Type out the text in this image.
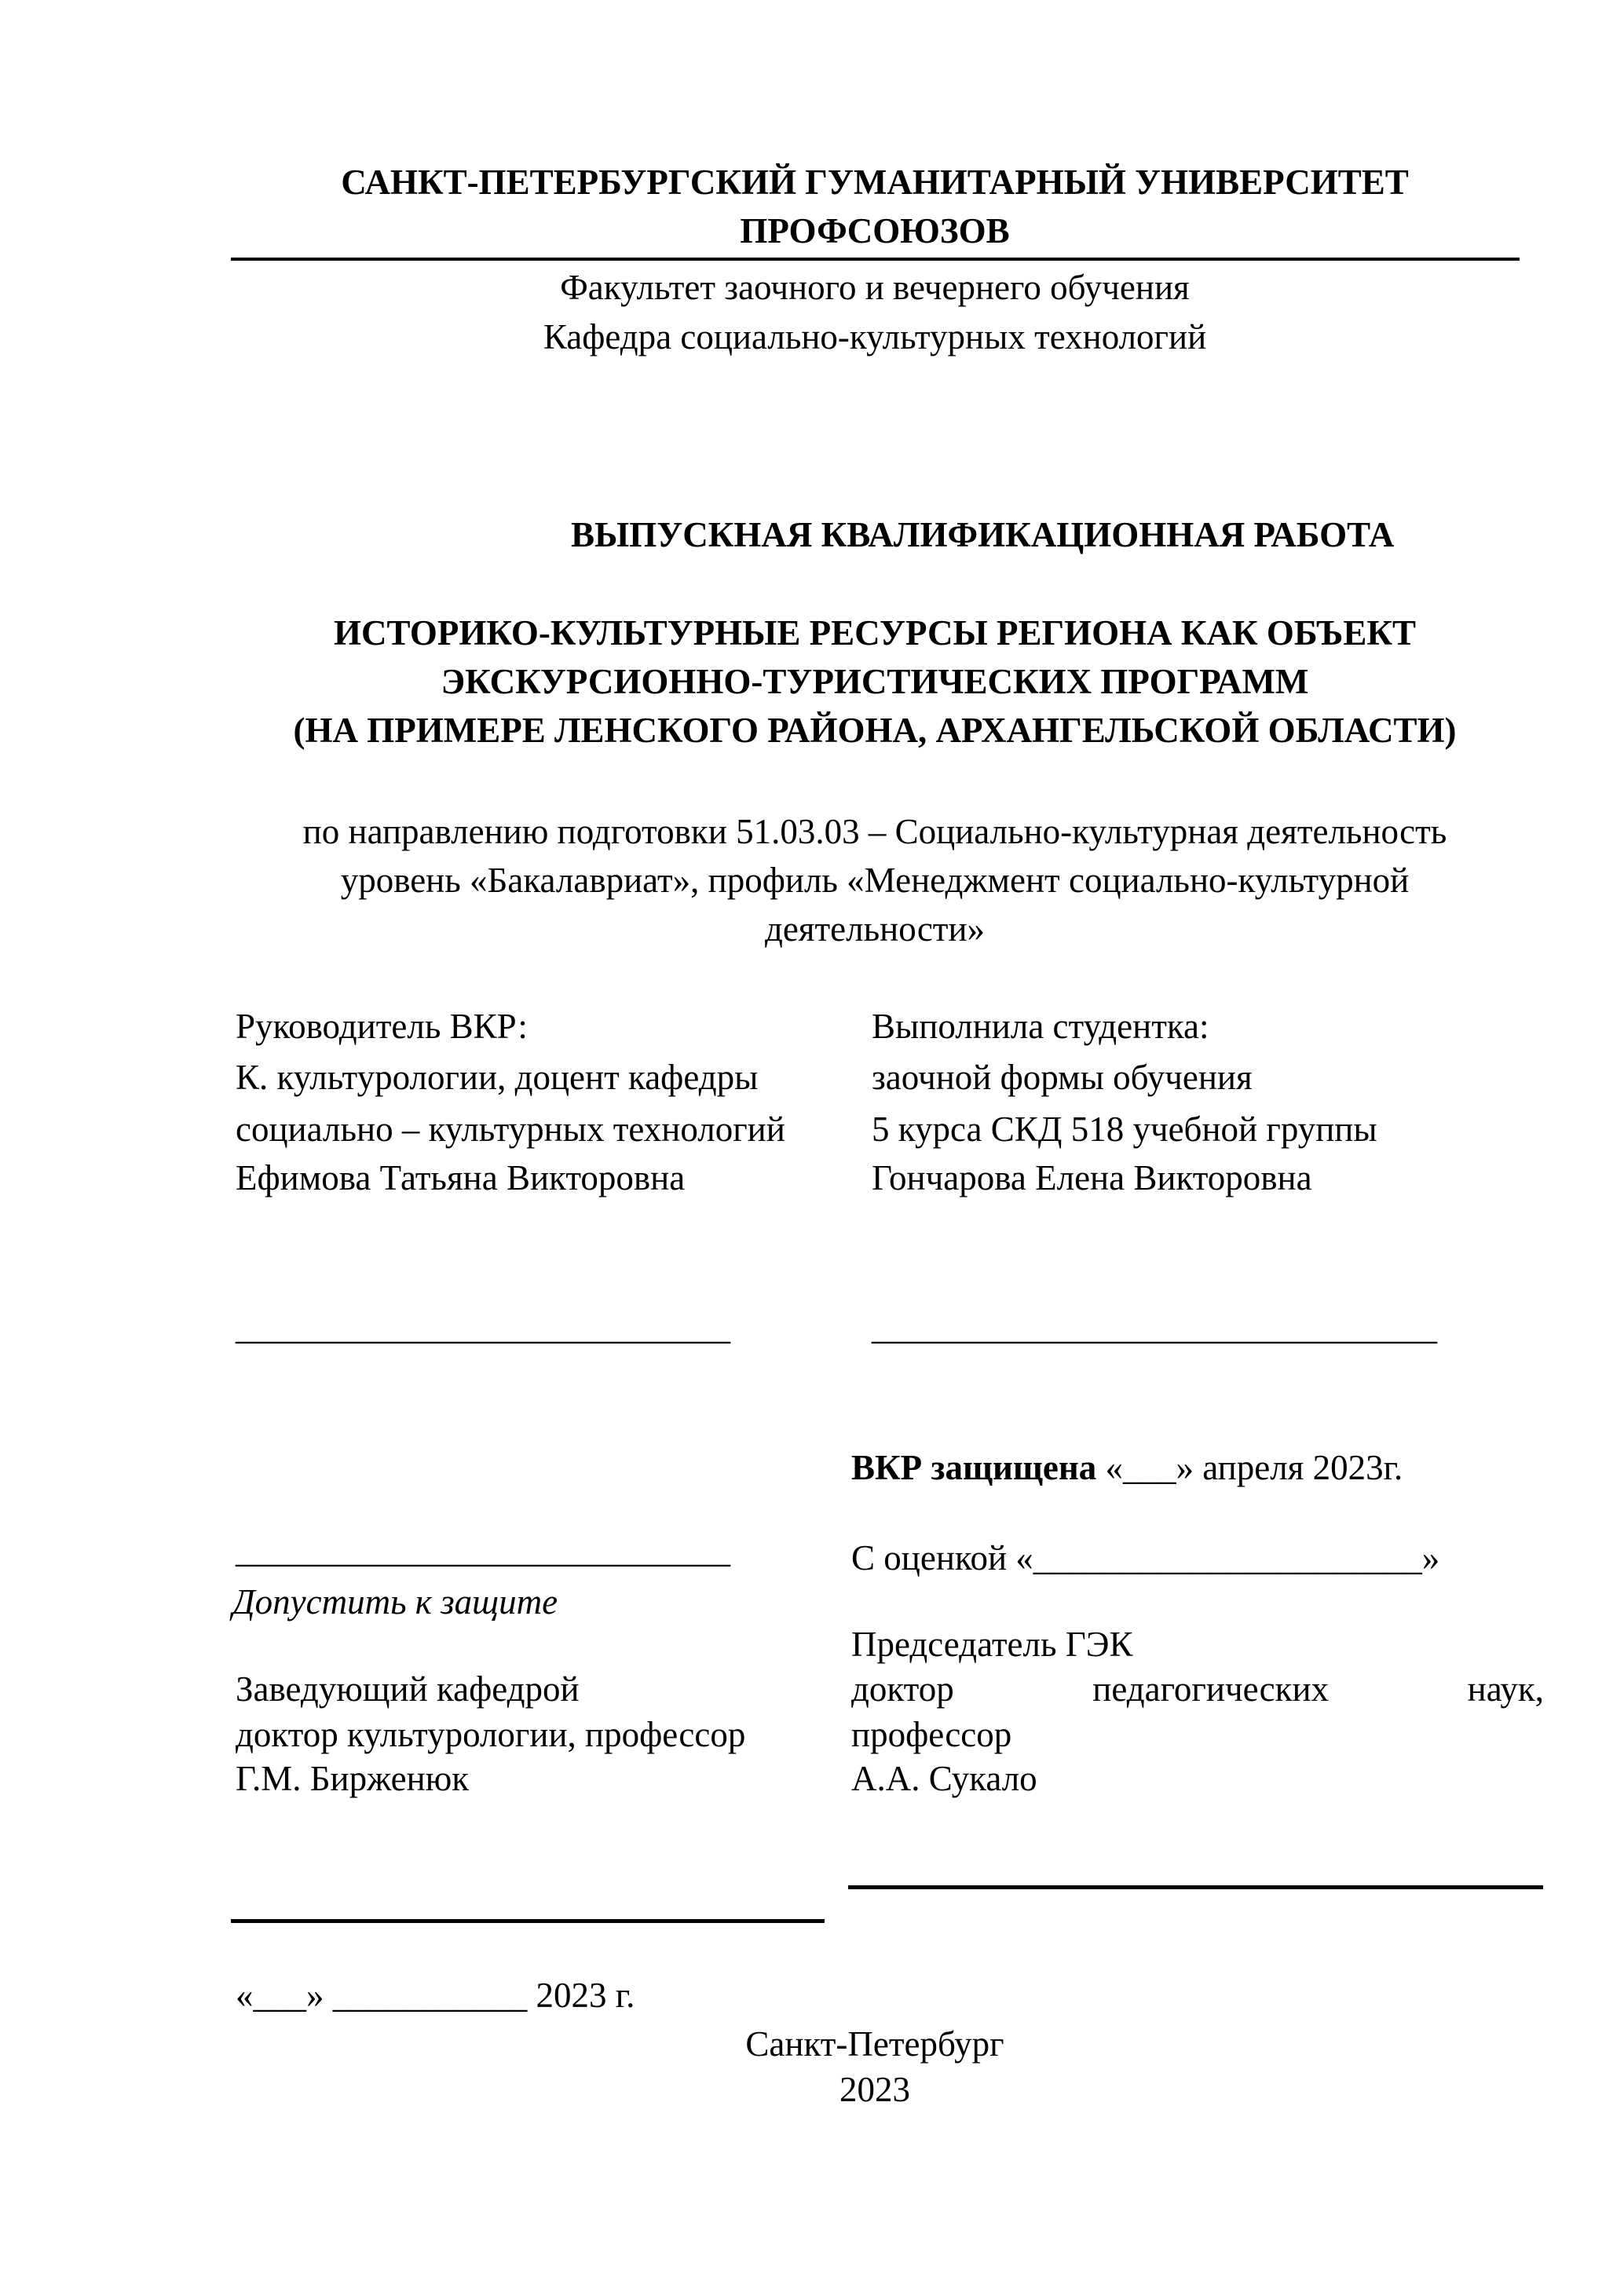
САНКТ-ПЕТЕРБУРГСКИЙ ГУМАНИТАРНЫЙ УНИВЕРСИТЕТ
ПРОФСОЮЗОВ
Факультет заочного и вечернего обучения
Кафедра социально-культурных технологий
ВЫПУСКНАЯ КВАЛИФИКАЦИОННАЯ РАБОТА
ИСТОРИКО-КУЛЬТУРНЫЕ РЕСУРСЫ РЕГИОНА КАК ОБЪЕКТ
ЭКСКУРСИОННО-ТУРИСТИЧЕСКИХ ПРОГРАММ
(НА ПРИМЕРЕ ЛЕНСКОГО РАЙОНА, АРХАНГЕЛЬСКОЙ ОБЛАСТИ)
по направлению подготовки 51.03.03 – Социально-культурная деятельность
уровень «Бакалавриат», профиль «Менеджмент социально-культурной
деятельности»
Руководитель ВКР:
К. культурологии, доцент кафедры
социально – культурных технологий
Ефимова Татьяна Викторовна
Выполнила студентка:
заочной формы обучения
5 курса СКД 518 учебной группы
Гончарова Елена Викторовна
____________________________	________________________________
ВКР защищена «___» апреля 2023г.
____________________________	С оценкой «______________________»
Допустить к защите
Председатель ГЭК
доктор	педагогических	наук,
профессор
А.А. Сукало
Заведующий кафедрой
доктор культурологии, профессор
Г.М. Бирженюк
«___» ___________ 2023 г.
Санкт-Петербург
2023
